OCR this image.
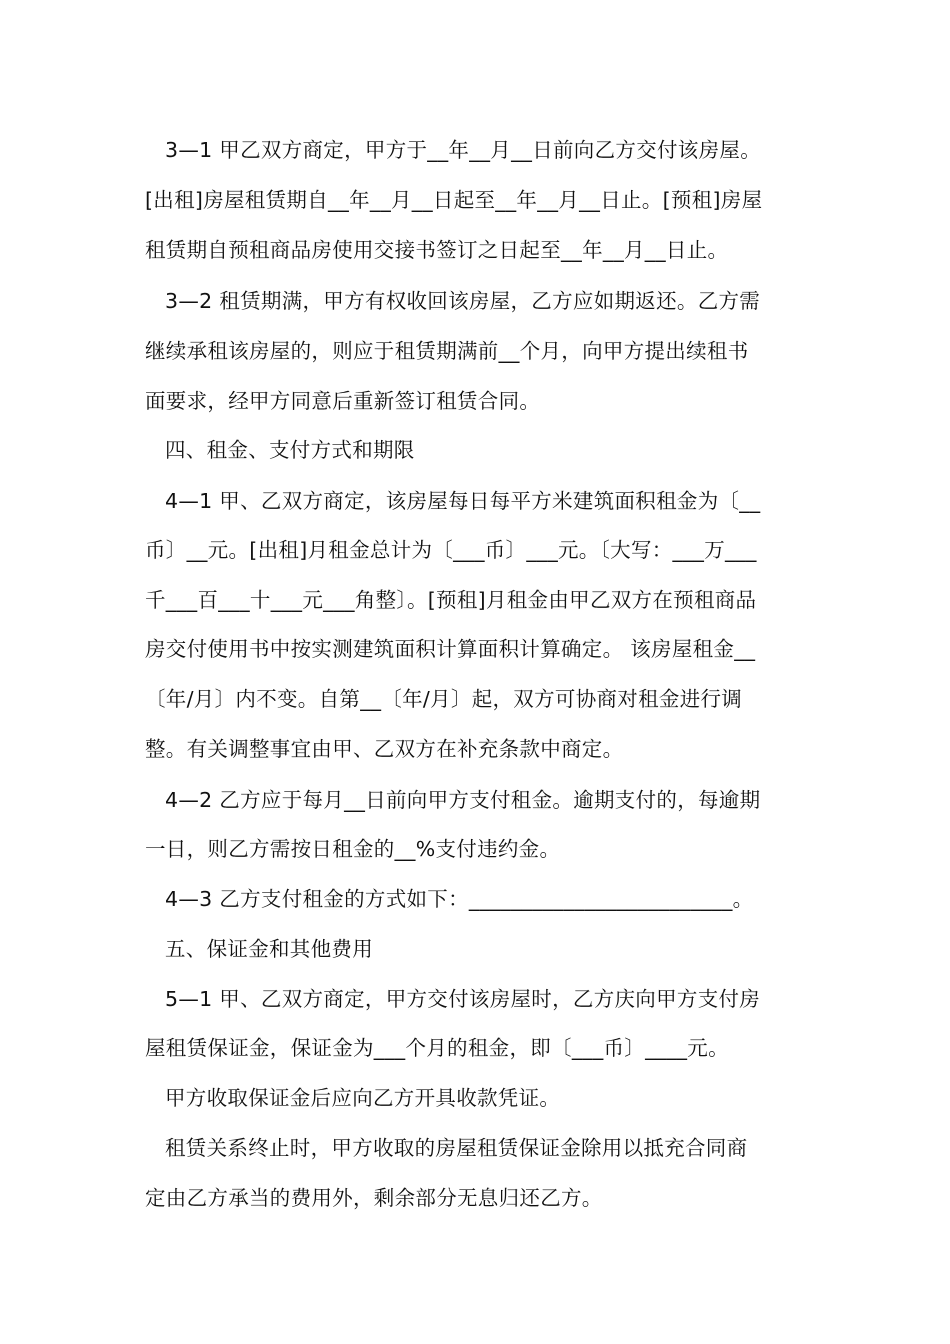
3—1 甲乙双方商定，甲方于__年__月__日前向乙方交付该房屋。
[出租]房屋租赁期自__年__月__日起至__年__月__日止。[预租]房屋
租赁期自预租商品房使用交接书签订之日起至__年__月__日止。
3—2 租赁期满，甲方有权收回该房屋，乙方应如期返还。乙方需
继续承租该房屋的，则应于租赁期满前__个月，向甲方提出续租书
面要求，经甲方同意后重新签订租赁合同。
四、租金、支付方式和期限
4—1 甲、乙双方商定，该房屋每日每平方米建筑面积租金为〔__
币〕__元。[出租]月租金总计为〔___币〕___元。〔大写：___万___
千___百___十___元___角整〕。[预租]月租金由甲乙双方在预租商品
房交付使用书中按实测建筑面积计算面积计算确定。 该房屋租金__
〔年/月〕内不变。自第__〔年/月〕起，双方可协商对租金进行调
整。有关调整事宜由甲、乙双方在补充条款中商定。
4—2 乙方应于每月__日前向甲方支付租金。逾期支付的，每逾期
一日，则乙方需按日租金的__%支付违约金。
4—3 乙方支付租金的方式如下：_________________________。
五、保证金和其他费用
5—1 甲、乙双方商定，甲方交付该房屋时，乙方庆向甲方支付房
屋租赁保证金，保证金为___个月的租金，即〔___币〕____元。
甲方收取保证金后应向乙方开具收款凭证。
租赁关系终止时，甲方收取的房屋租赁保证金除用以抵充合同商
定由乙方承当的费用外，剩余部分无息归还乙方。
